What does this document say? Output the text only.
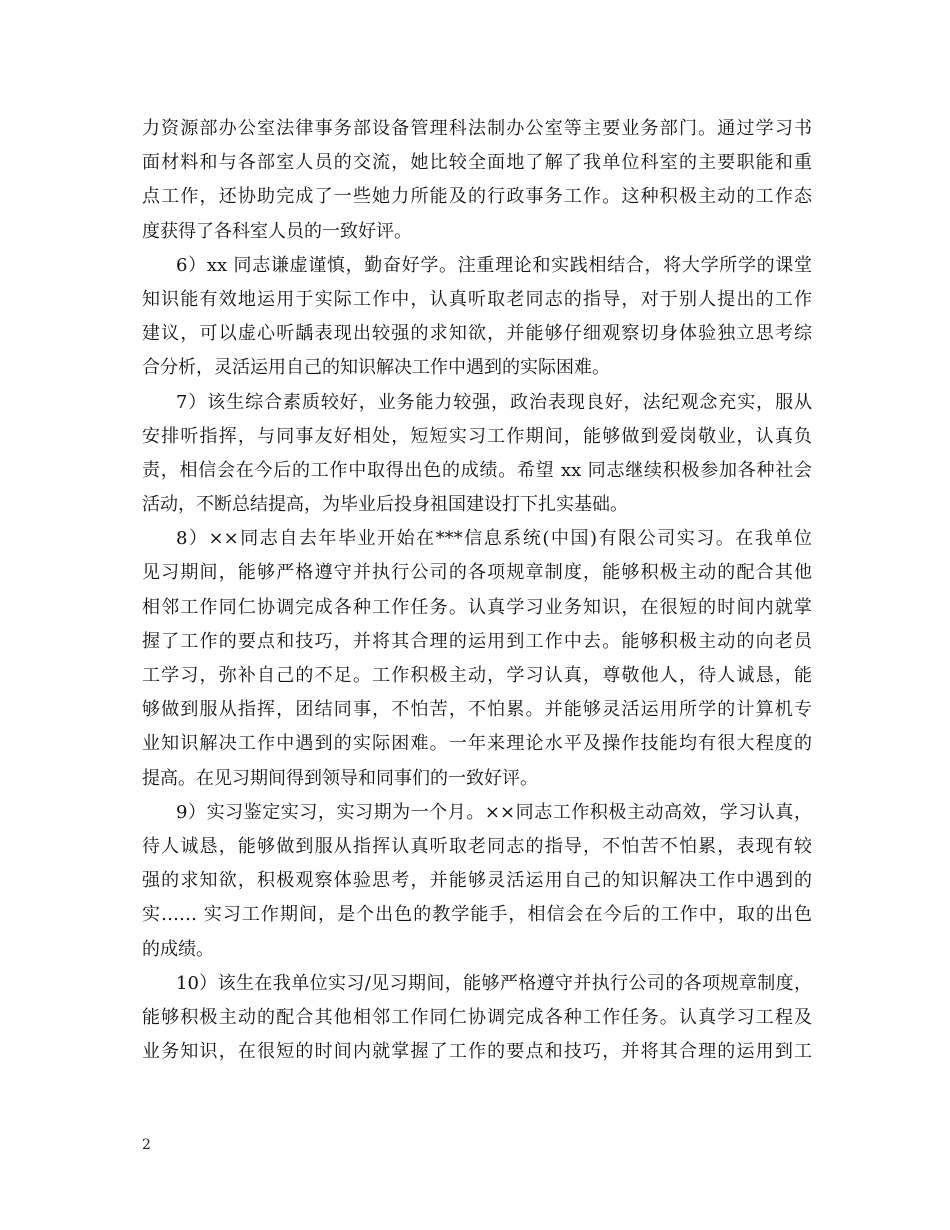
力资源部办公室法律事务部设备管理科法制办公室等主要业务部门。通过学习书
面材料和与各部室人员的交流，她比较全面地了解了我单位科室的主要职能和重
点工作，还协助完成了一些她力所能及的行政事务工作。这种积极主动的工作态
度获得了各科室人员的一致好评。
6）xx 同志谦虚谨慎，勤奋好学。注重理论和实践相结合，将大学所学的课堂
知识能有效地运用于实际工作中，认真听取老同志的指导，对于别人提出的工作
建议，可以虚心听龋表现出较强的求知欲，并能够仔细观察切身体验独立思考综
合分析，灵活运用自己的知识解决工作中遇到的实际困难。
7）该生综合素质较好，业务能力较强，政治表现良好，法纪观念充实，服从
安排听指挥，与同事友好相处，短短实习工作期间，能够做到爱岗敬业，认真负
责，相信会在今后的工作中取得出色的成绩。希望 xx 同志继续积极参加各种社会
活动，不断总结提高，为毕业后投身祖国建设打下扎实基础。
8）××同志自去年毕业开始在***信息系统(中国)有限公司实习。在我单位
见习期间，能够严格遵守并执行公司的各项规章制度，能够积极主动的配合其他
相邻工作同仁协调完成各种工作任务。认真学习业务知识，在很短的时间内就掌
握了工作的要点和技巧，并将其合理的运用到工作中去。能够积极主动的向老员
工学习，弥补自己的不足。工作积极主动，学习认真，尊敬他人，待人诚恳，能
够做到服从指挥，团结同事，不怕苦，不怕累。并能够灵活运用所学的计算机专
业知识解决工作中遇到的实际困难。一年来理论水平及操作技能均有很大程度的
提高。在见习期间得到领导和同事们的一致好评。
9）实习鉴定实习，实习期为一个月。××同志工作积极主动高效，学习认真，
待人诚恳，能够做到服从指挥认真听取老同志的指导，不怕苦不怕累，表现有较
强的求知欲，积极观察体验思考，并能够灵活运用自己的知识解决工作中遇到的
实…… 实习工作期间，是个出色的教学能手，相信会在今后的工作中，取的出色
的成绩。
10）该生在我单位实习/见习期间，能够严格遵守并执行公司的各项规章制度，
能够积极主动的配合其他相邻工作同仁协调完成各种工作任务。认真学习工程及
业务知识，在很短的时间内就掌握了工作的要点和技巧，并将其合理的运用到工
2
